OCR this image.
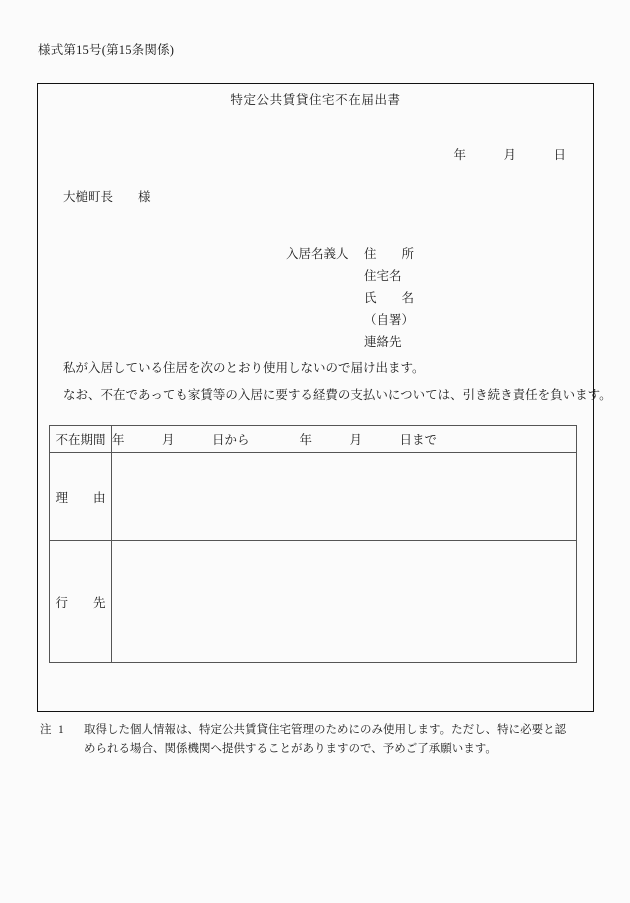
様式第15号(第15条関係)
特定公共賃貸住宅不在届出書
年　　　月　　　日
大槌町長　　様
入居名義人	住　　所
住宅名
氏　　名
（自署）
連絡先

私が入居している住居を次のとおり使用しないので届け出ます。

なお、不在であっても家賃等の入居に要する経費の支払いについては、引き続き責任を負います。

不在期間	年　　　月　　　日から　　　　年　　　月　　　日まで
理　　由	
行　　先	
注 1 取得した個人情報は、特定公共賃貸住宅管理のためにのみ使用します。ただし、特に必要と認
められる場合、関係機関へ提供することがありますので、予めご了承願います。
